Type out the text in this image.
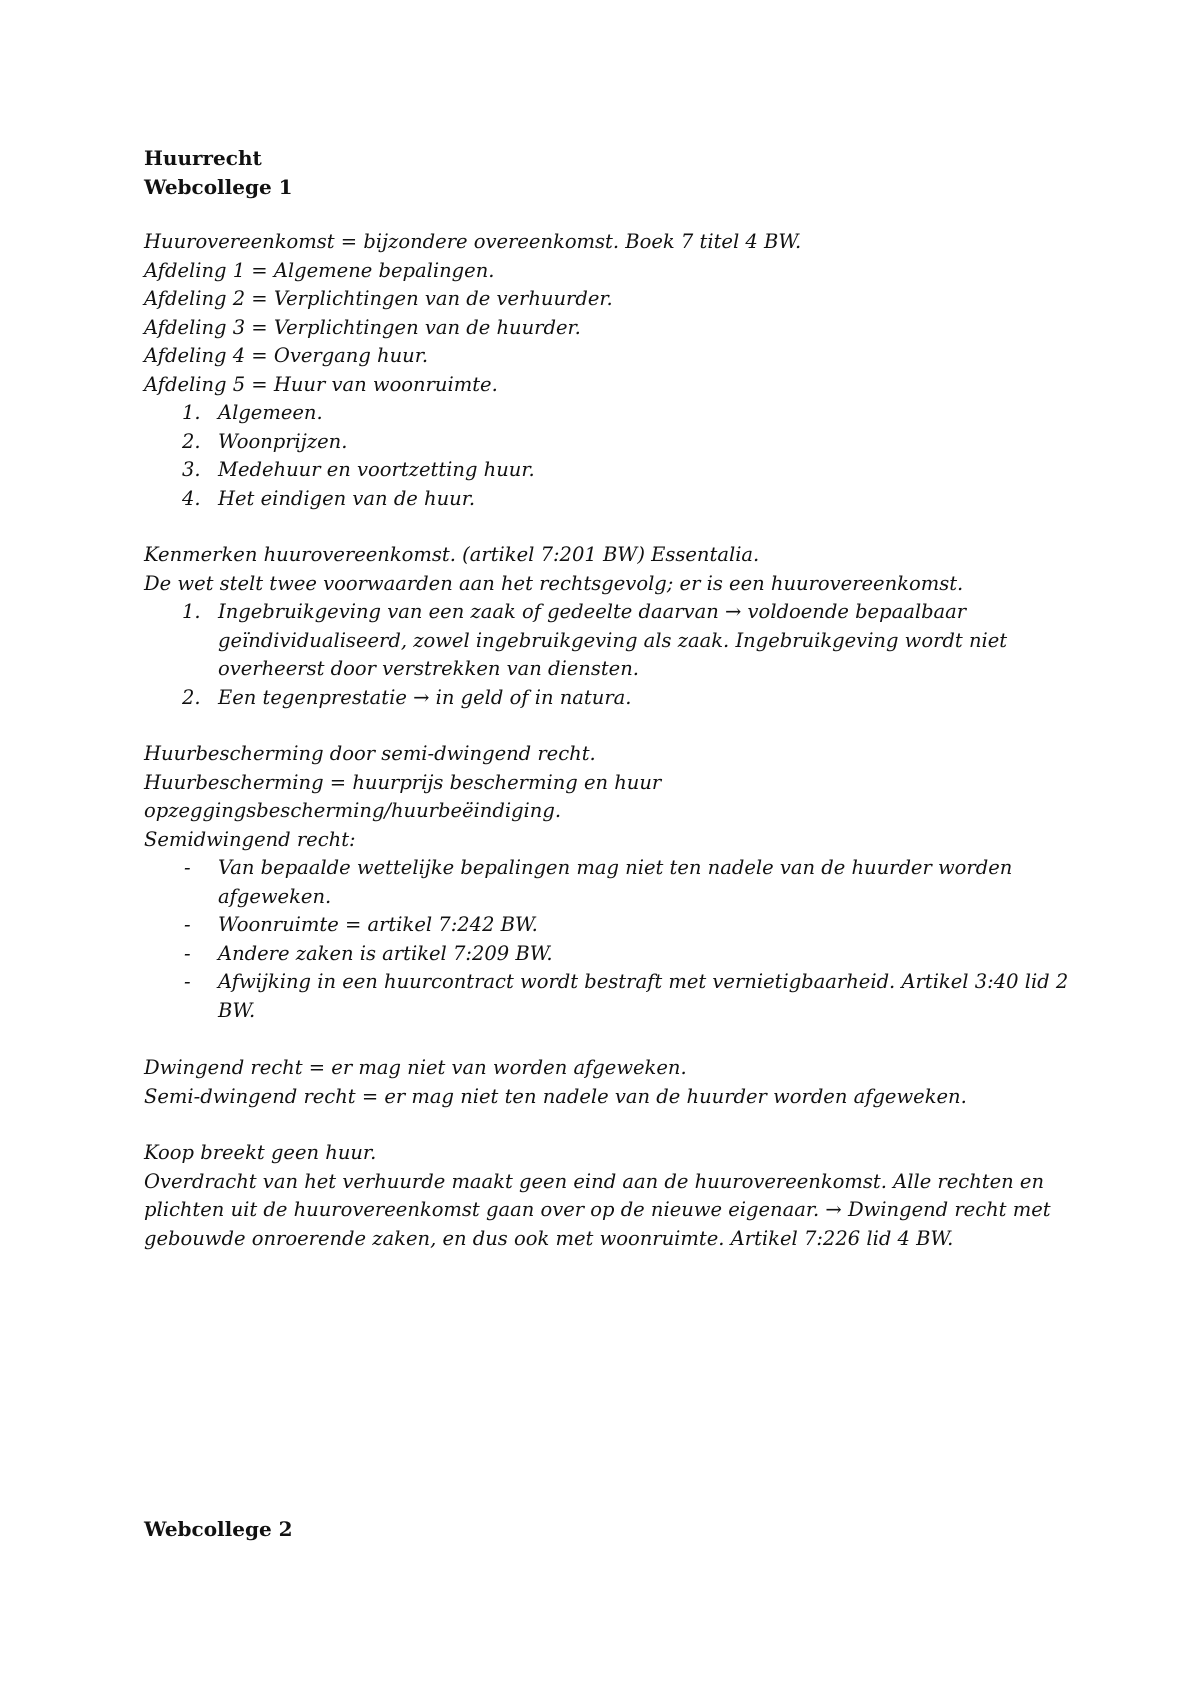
Huurrecht
Webcollege 1
Huurovereenkomst = bijzondere overeenkomst. Boek 7 titel 4 BW.
Afdeling 1 = Algemene bepalingen.
Afdeling 2 = Verplichtingen van de verhuurder.
Afdeling 3 = Verplichtingen van de huurder.
Afdeling 4 = Overgang huur.
Afdeling 5 = Huur van woonruimte.
1. Algemeen.
2. Woonprijzen.
3. Medehuur en voortzetting huur.
4. Het eindigen van de huur.
Kenmerken huurovereenkomst. (artikel 7:201 BW) Essentalia.
De wet stelt twee voorwaarden aan het rechtsgevolg; er is een huurovereenkomst.
1. Ingebruikgeving van een zaak of gedeelte daarvan → voldoende bepaalbaar geïndividualiseerd, zowel ingebruikgeving als zaak. Ingebruikgeving wordt niet overheerst door verstrekken van diensten.
2. Een tegenprestatie → in geld of in natura.
Huurbescherming door semi-dwingend recht.
Huurbescherming = huurprijs bescherming en huur opzeggingsbescherming/huurbeëindiging.
Semidwingend recht:
- Van bepaalde wettelijke bepalingen mag niet ten nadele van de huurder worden afgeweken.
- Woonruimte = artikel 7:242 BW.
- Andere zaken is artikel 7:209 BW.
- Afwijking in een huurcontract wordt bestraft met vernietigbaarheid. Artikel 3:40 lid 2 BW.
Dwingend recht = er mag niet van worden afgeweken.
Semi-dwingend recht = er mag niet ten nadele van de huurder worden afgeweken.
Koop breekt geen huur.
Overdracht van het verhuurde maakt geen eind aan de huurovereenkomst. Alle rechten en plichten uit de huurovereenkomst gaan over op de nieuwe eigenaar. → Dwingend recht met gebouwde onroerende zaken, en dus ook met woonruimte. Artikel 7:226 lid 4 BW.
Webcollege 2
